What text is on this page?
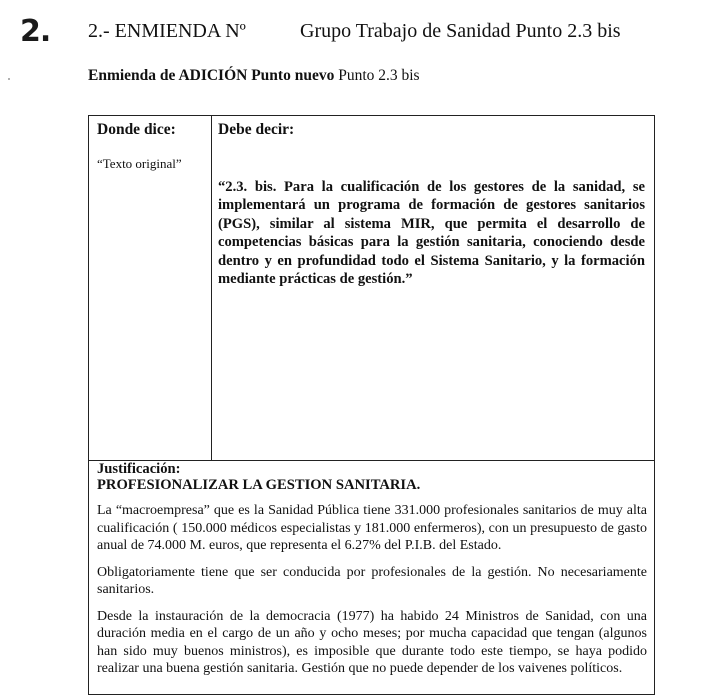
2. 2.- ENMIENDA Nº	Grupo Trabajo de Sanidad Punto 2.3 bis
Enmienda de ADICIÓN Punto nuevo Punto 2.3 bis
Donde dice:	Debe decir:
“Texto original”
“2.3. bis. Para la cualificación de los gestores de la sanidad, se implementará un programa de formación de gestores sanitarios (PGS), similar al sistema MIR, que permita el desarrollo de competencias básicas para la gestión sanitaria, conociendo desde dentro y en profundidad todo el Sistema Sanitario, y la formación mediante prácticas de gestión.”
Justificación:
PROFESIONALIZAR LA GESTION SANITARIA.

La “macroempresa” que es la Sanidad Pública tiene 331.000 profesionales sanitarios de muy alta cualificación ( 150.000 médicos especialistas y 181.000 enfermeros), con un presupuesto de gasto anual de 74.000 M. euros, que representa el 6.27% del P.I.B. del Estado.

Obligatoriamente tiene que ser conducida por profesionales de la gestión. No necesariamente sanitarios.

Desde la instauración de la democracia (1977) ha habido 24 Ministros de Sanidad, con una duración media en el cargo de un año y ocho meses; por mucha capacidad que tengan (algunos han sido muy buenos ministros), es imposible que durante todo este tiempo, se haya podido realizar una buena gestión sanitaria. Gestión que no puede depender de los vaivenes políticos.
